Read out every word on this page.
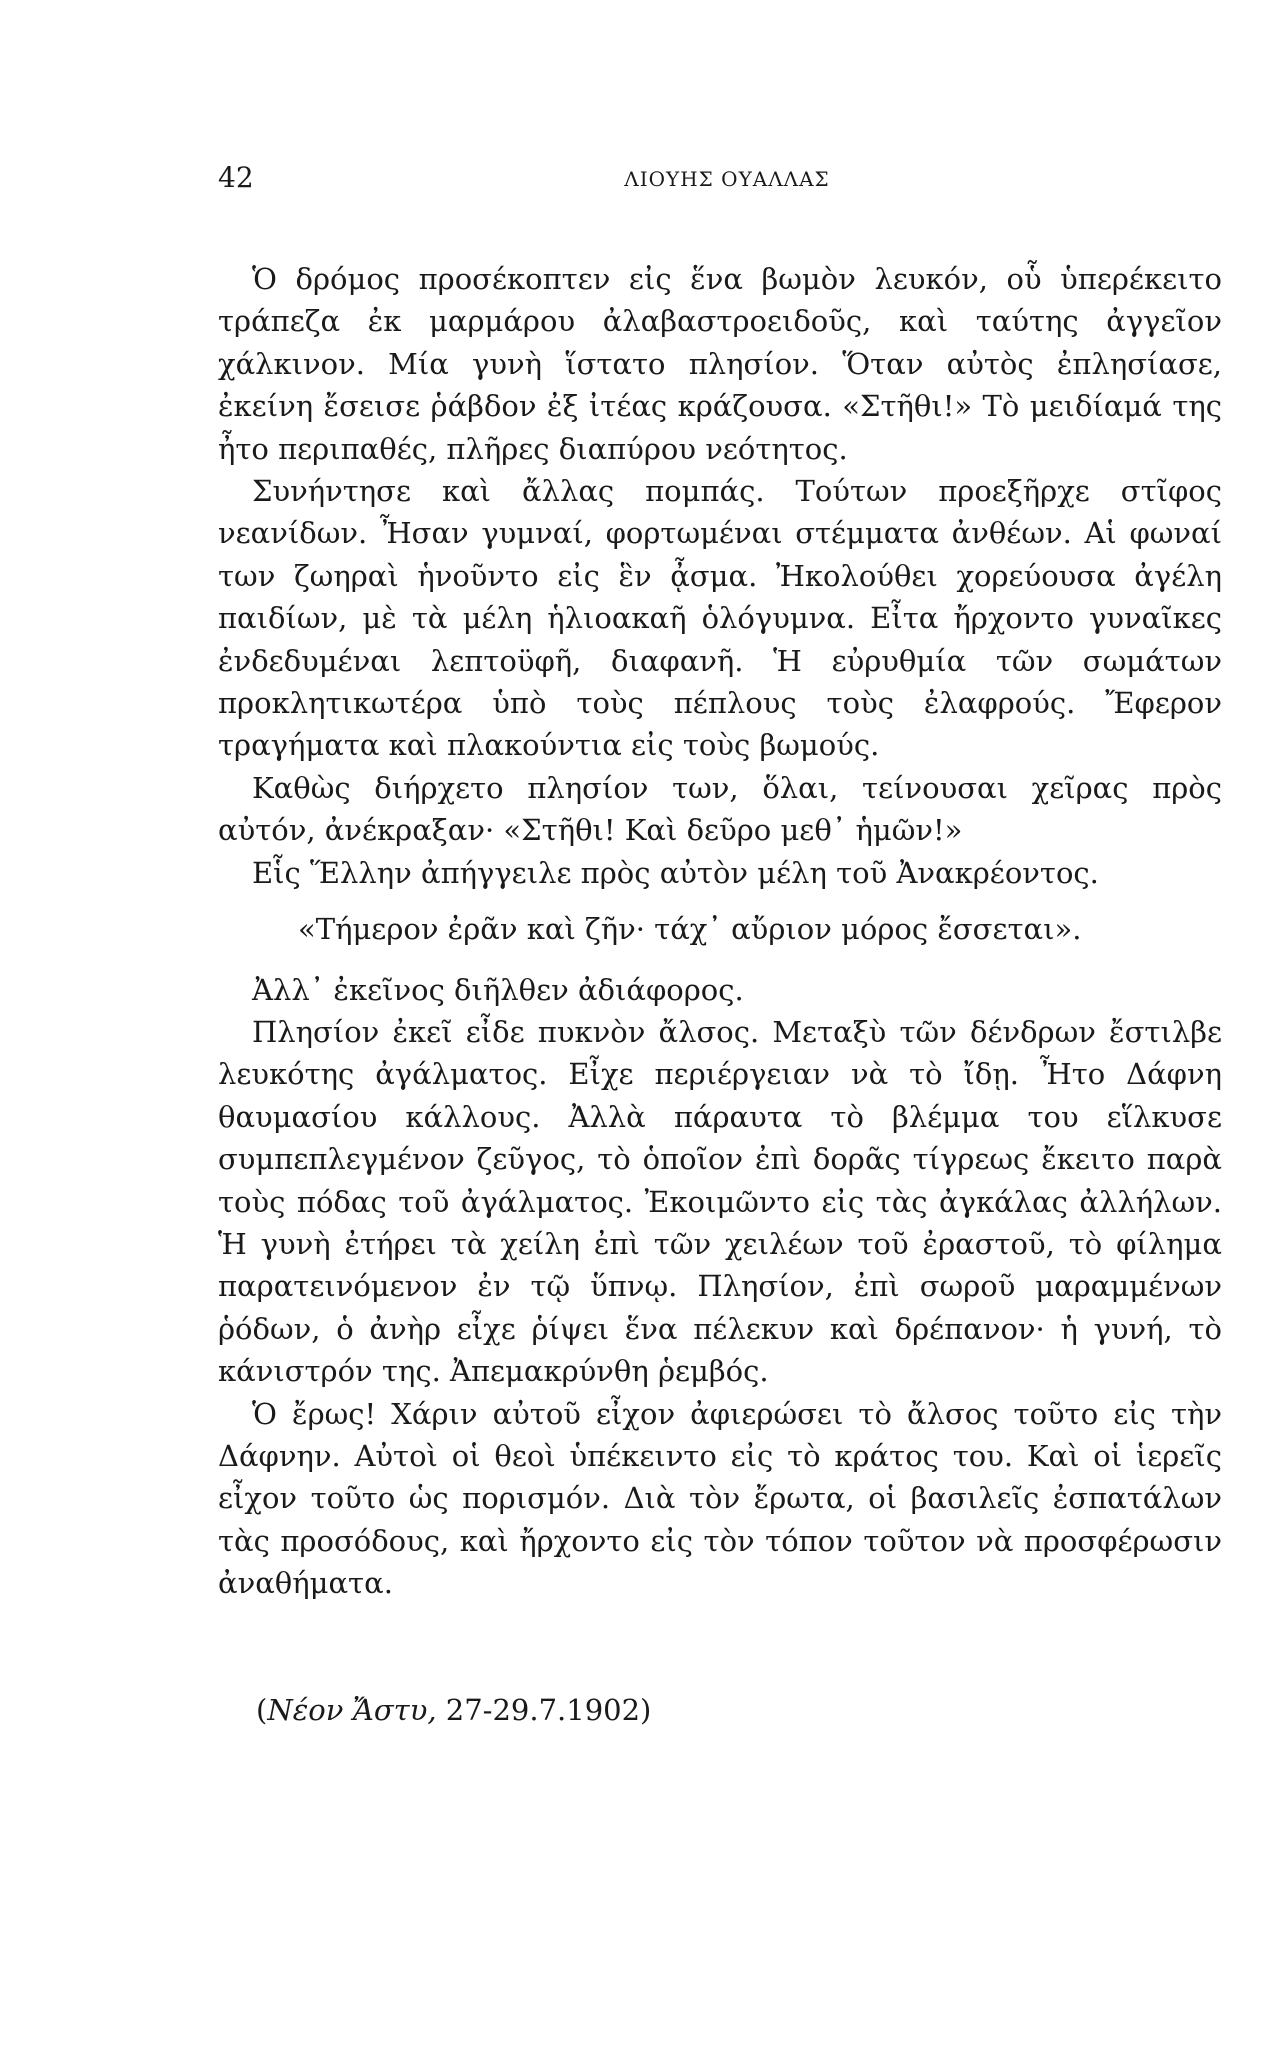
42	ΛΙΟΥΗΣ ΟΥΑΛΛΑΣ

Ὁ δρόμος προσέκοπτεν εἰς ἕνα βωμὸν λευκόν, οὗ ὑπερέκειτο τράπεζα ἐκ μαρμάρου ἀλαβαστροειδοῦς, καὶ ταύτης ἀγγεῖον χάλκινον. Μία γυνὴ ἵστατο πλησίον. Ὅταν αὐτὸς ἐπλησίασε, ἐκείνη ἔσεισε ῥάβδον ἐξ ἰτέας κράζουσα. «Στῆθι!» Τὸ μειδίαμά της ἦτο περιπαθές, πλῆρες διαπύρου νεότητος.

Συνήντησε καὶ ἄλλας πομπάς. Τούτων προεξῆρχε στῖφος νεανίδων. Ἦσαν γυμναί, φορτωμέναι στέμματα ἀνθέων. Αἱ φωναί των ζωηραὶ ἡνοῦντο εἰς ἓν ᾆσμα. Ἠκολούθει χορεύουσα ἀγέλη παιδίων, μὲ τὰ μέλη ἡλιοακαῆ ὁλόγυμνα. Εἶτα ἤρχοντο γυναῖκες ἐνδεδυμέναι λεπτοϋφῆ, διαφανῆ. Ἡ εὐρυθμία τῶν σωμάτων προκλητικωτέρα ὑπὸ τοὺς πέπλους τοὺς ἐλαφρούς. Ἔφερον τραγήματα καὶ πλακούντια εἰς τοὺς βωμούς.

Καθὼς διήρχετο πλησίον των, ὅλαι, τείνουσαι χεῖρας πρὸς αὐτόν, ἀνέκραξαν· «Στῆθι! Καὶ δεῦρο μεθ᾽ ἡμῶν!»

Εἷς Ἕλλην ἀπήγγειλε πρὸς αὐτὸν μέλη τοῦ Ἀνακρέοντος.

«Τήμερον ἐρᾶν καὶ ζῆν· τάχ᾽ αὔριον μόρος ἔσσεται».

Ἀλλ᾽ ἐκεῖνος διῆλθεν ἀδιάφορος.

Πλησίον ἐκεῖ εἶδε πυκνὸν ἄλσος. Μεταξὺ τῶν δένδρων ἔστιλβε λευκότης ἀγάλματος. Εἶχε περιέργειαν νὰ τὸ ἴδῃ. Ἦτο Δάφνη θαυμασίου κάλλους. Ἀλλὰ πάραυτα τὸ βλέμμα του εἵλκυσε συμπεπλεγμένον ζεῦγος, τὸ ὁποῖον ἐπὶ δορᾶς τίγρεως ἔκειτο παρὰ τοὺς πόδας τοῦ ἀγάλματος. Ἐκοιμῶντο εἰς τὰς ἀγκάλας ἀλλήλων. Ἡ γυνὴ ἐτήρει τὰ χείλη ἐπὶ τῶν χειλέων τοῦ ἐραστοῦ, τὸ φίλημα παρατεινόμενον ἐν τῷ ὕπνῳ. Πλησίον, ἐπὶ σωροῦ μαραμμένων ῥόδων, ὁ ἀνὴρ εἶχε ῥίψει ἕνα πέλεκυν καὶ δρέπανον· ἡ γυνή, τὸ κάνιστρόν της. Ἀπεμακρύνθη ῥεμβός.

Ὁ ἔρως! Χάριν αὐτοῦ εἶχον ἀφιερώσει τὸ ἄλσος τοῦτο εἰς τὴν Δάφνην. Αὐτοὶ οἱ θεοὶ ὑπέκειντο εἰς τὸ κράτος του. Καὶ οἱ ἱερεῖς εἶχον τοῦτο ὡς πορισμόν. Διὰ τὸν ἔρωτα, οἱ βασιλεῖς ἐσπατάλων τὰς προσόδους, καὶ ἤρχοντο εἰς τὸν τόπον τοῦτον νὰ προσφέρωσιν ἀναθήματα.

(Νέον Ἄστυ, 27-29.7.1902)
